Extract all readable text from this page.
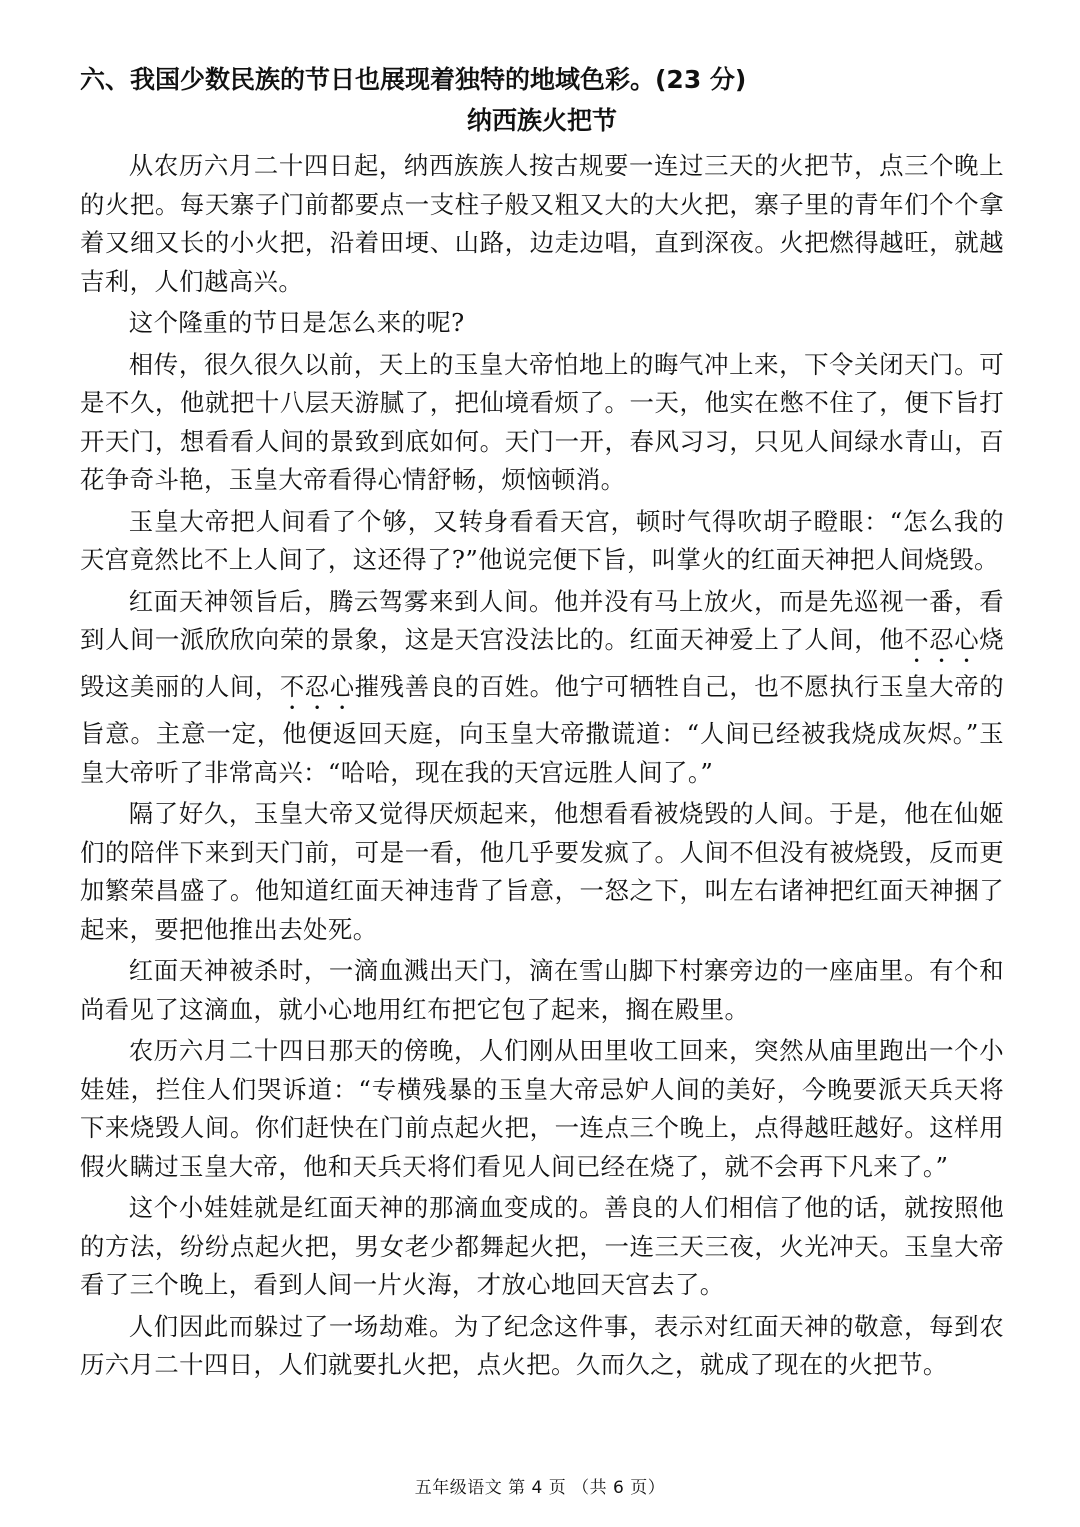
六、我国少数民族的节日也展现着独特的地域色彩。(23 分)

纳西族火把节

从农历六月二十四日起，纳西族族人按古规要一连过三天的火把节，点三个晚上的火把。每天寨子门前都要点一支柱子般又粗又大的大火把，寨子里的青年们个个拿着又细又长的小火把，沿着田埂、山路，边走边唱，直到深夜。火把燃得越旺，就越吉利，人们越高兴。

这个隆重的节日是怎么来的呢?

相传，很久很久以前，天上的玉皇大帝怕地上的晦气冲上来，下令关闭天门。可是不久，他就把十八层天游腻了，把仙境看烦了。一天，他实在憋不住了，便下旨打开天门，想看看人间的景致到底如何。天门一开，春风习习，只见人间绿水青山，百花争奇斗艳，玉皇大帝看得心情舒畅，烦恼顿消。

玉皇大帝把人间看了个够，又转身看看天宫，顿时气得吹胡子瞪眼：“怎么我的天宫竟然比不上人间了，这还得了?”他说完便下旨，叫掌火的红面天神把人间烧毁。

红面天神领旨后，腾云驾雾来到人间。他并没有马上放火，而是先巡视一番，看到人间一派欣欣向荣的景象，这是天宫没法比的。红面天神爱上了人间，他不忍心烧毁这美丽的人间，不忍心摧残善良的百姓。他宁可牺牲自己，也不愿执行玉皇大帝的旨意。主意一定，他便返回天庭，向玉皇大帝撒谎道：“人间已经被我烧成灰烬。”玉皇大帝听了非常高兴：“哈哈，现在我的天宫远胜人间了。”

隔了好久，玉皇大帝又觉得厌烦起来，他想看看被烧毁的人间。于是，他在仙姬们的陪伴下来到天门前，可是一看，他几乎要发疯了。人间不但没有被烧毁，反而更加繁荣昌盛了。他知道红面天神违背了旨意，一怒之下，叫左右诸神把红面天神捆了起来，要把他推出去处死。

红面天神被杀时，一滴血溅出天门，滴在雪山脚下村寨旁边的一座庙里。有个和尚看见了这滴血，就小心地用红布把它包了起来，搁在殿里。

农历六月二十四日那天的傍晚，人们刚从田里收工回来，突然从庙里跑出一个小娃娃，拦住人们哭诉道：“专横残暴的玉皇大帝忌妒人间的美好，今晚要派天兵天将下来烧毁人间。你们赶快在门前点起火把，一连点三个晚上，点得越旺越好。这样用假火瞒过玉皇大帝，他和天兵天将们看见人间已经在烧了，就不会再下凡来了。”

这个小娃娃就是红面天神的那滴血变成的。善良的人们相信了他的话，就按照他的方法，纷纷点起火把，男女老少都舞起火把，一连三天三夜，火光冲天。玉皇大帝看了三个晚上，看到人间一片火海，才放心地回天宫去了。

人们因此而躲过了一场劫难。为了纪念这件事，表示对红面天神的敬意，每到农历六月二十四日，人们就要扎火把，点火把。久而久之，就成了现在的火把节。

五年级语文 第 4 页 （共 6 页）
